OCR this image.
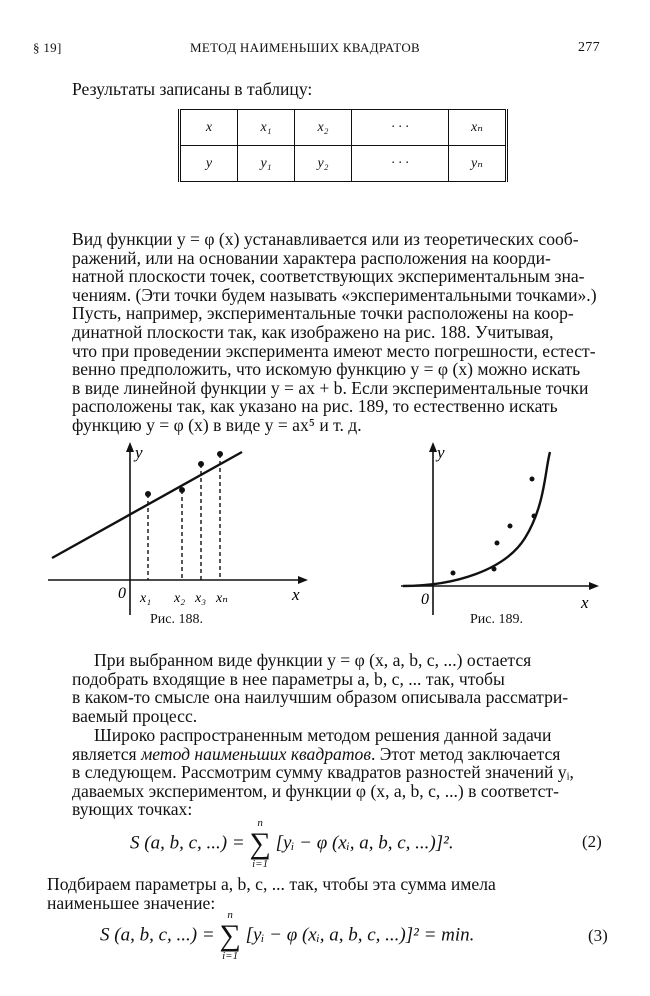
§ 19]	МЕТОД НАИМЕНЬШИХ КВАДРАТОВ	277
Результаты записаны в таблицу:
x	x₁	x₂	· · ·	xₙ
y	y₁	y₂	· · ·	yₙ

Вид функции y = φ (x) устанавливается или из теоретических сооб-

ражений, или на основании характера расположения на коорди-

натной плоскости точек, соответствующих экспериментальным зна-

чениям. (Эти точки будем называть «экспериментальными точками».)

Пусть, например, экспериментальные точки расположены на коор-

динатной плоскости так, как изображено на рис. 188. Учитывая,

что при проведении эксперимента имеют место погрешности, естест-

венно предположить, что искомую функцию y = φ (x) можно искать

в виде линейной функции y = ax + b. Если экспериментальные точки

расположены так, как указано на рис. 189, то естественно искать

функцию y = φ (x) в виде y = ax⁵ и т. д.

y
0	x
x₁ x₂ x₃ xₙ
Рис. 188.
y
0	x
Рис. 189.

При выбранном виде функции y = φ (x, a, b, c, ...) остается

подобрать входящие в нее параметры a, b, c, ... так, чтобы

в каком-то смысле она наилучшим образом описывала рассматри-

ваемый процесс.

Широко распространенным методом решения данной задачи

является метод наименьших квадратов. Этот метод заключается

в следующем. Рассмотрим сумму квадратов разностей значений yᵢ,

даваемых экспериментом, и функции φ (x, a, b, c, ...) в соответст-

вующих точках:

S (a, b, c, ...) =
n
∑
i=1
[yᵢ − φ (xᵢ, a, b, c, ...)]².	(2)

Подбираем параметры a, b, c, ... так, чтобы эта сумма имела

наименьшее значение:

S (a, b, c, ...) =
n
∑
i=1
[yᵢ − φ (xᵢ, a, b, c, ...)]² = min.	(3)
